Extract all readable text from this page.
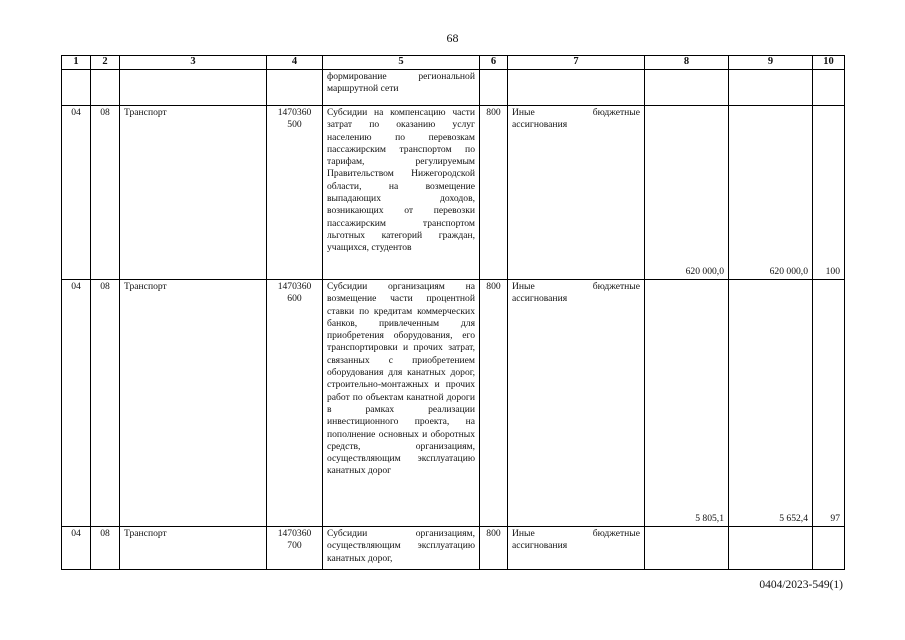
68
1	2	3	4	5	6	7	8	9	10
				формирование региональной маршрутной сети					
04	08	Транспорт	1470360 500	Субсидии на компенсацию части затрат по оказанию услуг населению по перевозкам пассажирским транспортом по тарифам, регулируемым Правительством Нижегородской области, на возмещение выпадающих доходов, возникающих от перевозки пассажирским транспортом льготных категорий граждан, учащихся, студентов	800	Иные бюджетные ассигнования	620 000,0	620 000,0	100
04	08	Транспорт	1470360 600	Субсидии организациям на возмещение части процентной ставки по кредитам коммерческих банков, привлеченным для приобретения оборудования, его транспортировки и прочих затрат, связанных с приобретением оборудования для канатных дорог, строительно-монтажных и прочих работ по объектам канатной дороги в рамках реализации инвестиционного проекта, на пополнение основных и оборотных средств, организациям, осуществляющим эксплуатацию канатных дорог	800	Иные бюджетные ассигнования	5 805,1	5 652,4	97
04	08	Транспорт	1470360 700	Субсидии организациям, осуществляющим эксплуатацию канатных дорог,	800	Иные бюджетные ассигнования			
0404/2023-549(1)
